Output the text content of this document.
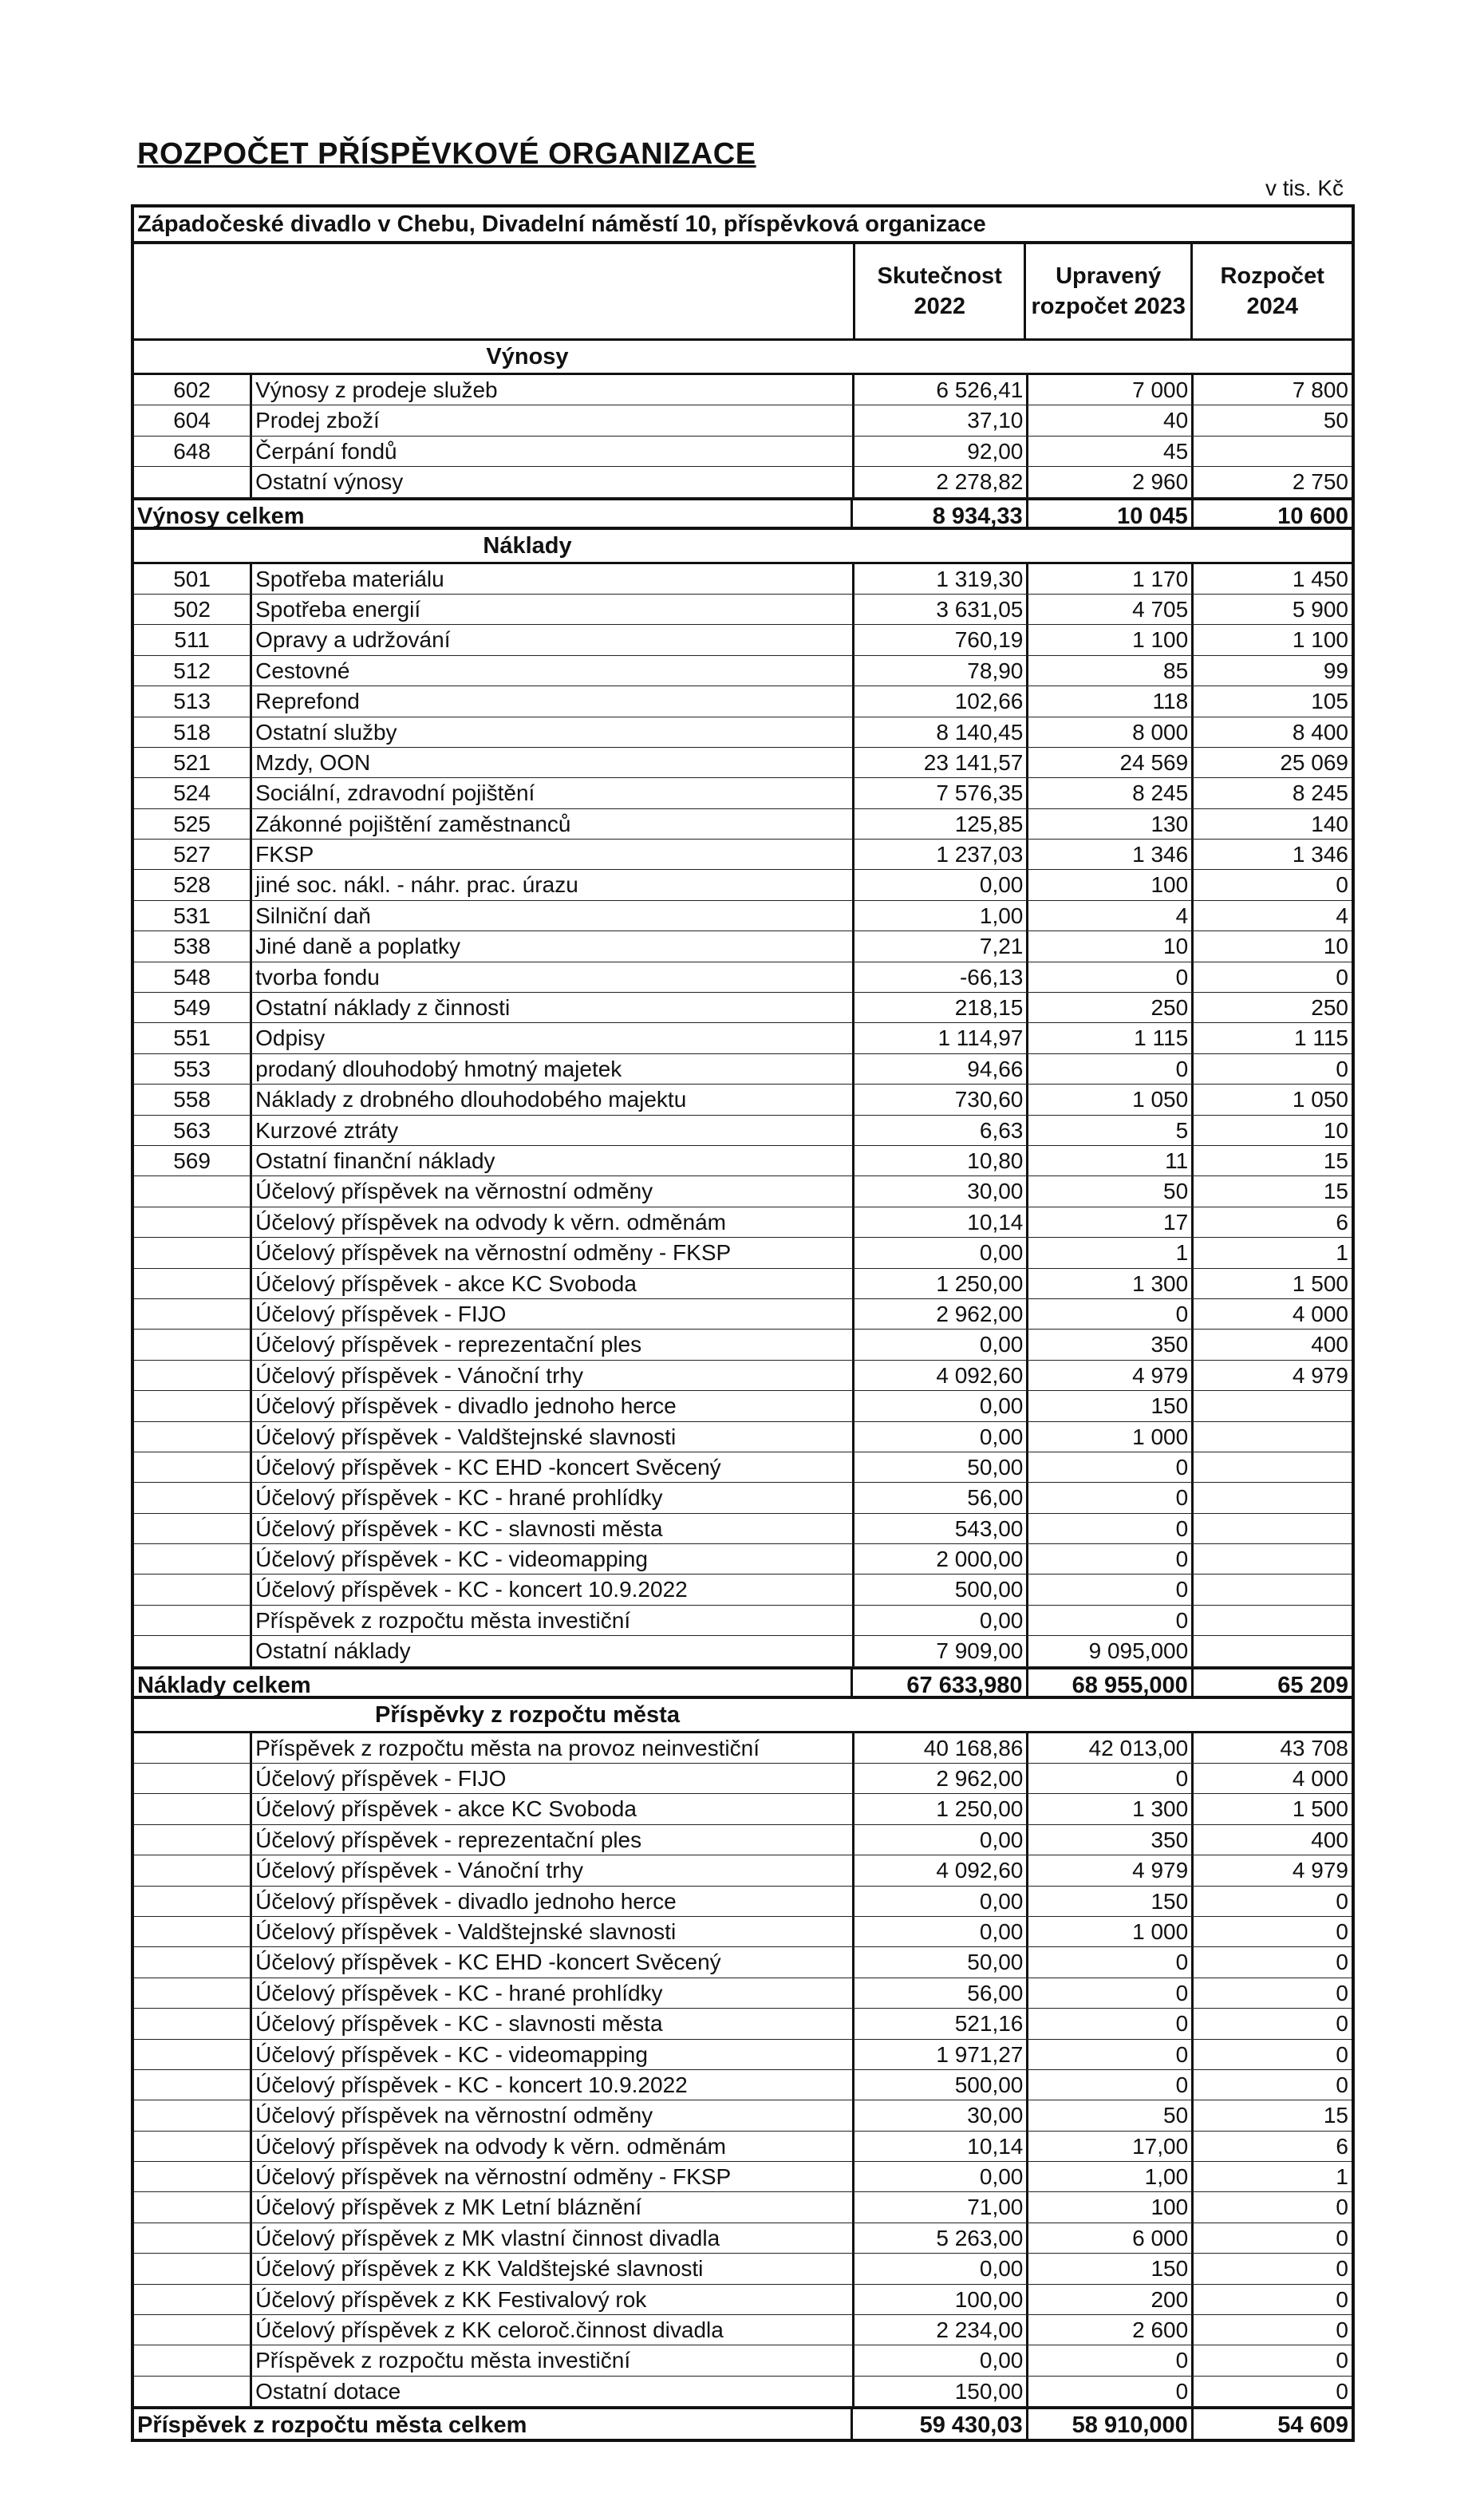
ROZPOČET PŘÍSPĚVKOVÉ ORGANIZACE
v tis. Kč
Západočeské divadlo v Chebu, Divadelní náměstí 10, příspěvková organizace
Skutečnost 2022
Upravený rozpočet 2023
Rozpočet 2024
Výnosy
602	Výnosy z prodeje služeb	6 526,41	7 000	7 800
604	Prodej zboží	37,10	40	50
648	Čerpání fondů	92,00	45
Ostatní výnosy	2 278,82	2 960	2 750
Výnosy celkem	8 934,33	10 045	10 600
Náklady
501	Spotřeba materiálu	1 319,30	1 170	1 450
502	Spotřeba energií	3 631,05	4 705	5 900
511	Opravy a udržování	760,19	1 100	1 100
512	Cestovné	78,90	85	99
513	Reprefond	102,66	118	105
518	Ostatní služby	8 140,45	8 000	8 400
521	Mzdy, OON	23 141,57	24 569	25 069
524	Sociální, zdravodní pojištění	7 576,35	8 245	8 245
525	Zákonné pojištění zaměstnanců	125,85	130	140
527	FKSP	1 237,03	1 346	1 346
528	jiné soc. nákl. - náhr. prac. úrazu	0,00	100	0
531	Silniční daň	1,00	4	4
538	Jiné daně a poplatky	7,21	10	10
548	tvorba fondu	-66,13	0	0
549	Ostatní náklady z činnosti	218,15	250	250
551	Odpisy	1 114,97	1 115	1 115
553	prodaný dlouhodobý hmotný majetek	94,66	0	0
558	Náklady z drobného dlouhodobého majektu	730,60	1 050	1 050
563	Kurzové ztráty	6,63	5	10
569	Ostatní finanční náklady	10,80	11	15
Účelový příspěvek na věrnostní odměny	30,00	50	15
Účelový příspěvek na odvody k věrn. odměnám	10,14	17	6
Účelový příspěvek na věrnostní odměny - FKSP	0,00	1	1
Účelový příspěvek - akce KC Svoboda	1 250,00	1 300	1 500
Účelový příspěvek - FIJO	2 962,00	0	4 000
Účelový příspěvek - reprezentační ples	0,00	350	400
Účelový příspěvek - Vánoční trhy	4 092,60	4 979	4 979
Účelový příspěvek - divadlo jednoho herce	0,00	150
Účelový příspěvek - Valdštejnské slavnosti	0,00	1 000
Účelový příspěvek - KC EHD -koncert Svěcený	50,00	0
Účelový příspěvek - KC - hrané prohlídky	56,00	0
Účelový příspěvek - KC - slavnosti města	543,00	0
Účelový příspěvek - KC - videomapping	2 000,00	0
Účelový příspěvek - KC - koncert 10.9.2022	500,00	0
Příspěvek z rozpočtu města investiční	0,00	0
Ostatní náklady	7 909,00	9 095,000
Náklady celkem	67 633,980	68 955,000	65 209
Příspěvky z rozpočtu města
Příspěvek z rozpočtu města na provoz neinvestiční	40 168,86	42 013,00	43 708
Účelový příspěvek - FIJO	2 962,00	0	4 000
Účelový příspěvek - akce KC Svoboda	1 250,00	1 300	1 500
Účelový příspěvek - reprezentační ples	0,00	350	400
Účelový příspěvek - Vánoční trhy	4 092,60	4 979	4 979
Účelový příspěvek - divadlo jednoho herce	0,00	150	0
Účelový příspěvek - Valdštejnské slavnosti	0,00	1 000	0
Účelový příspěvek - KC EHD -koncert Svěcený	50,00	0	0
Účelový příspěvek - KC - hrané prohlídky	56,00	0	0
Účelový příspěvek - KC - slavnosti města	521,16	0	0
Účelový příspěvek - KC - videomapping	1 971,27	0	0
Účelový příspěvek - KC - koncert 10.9.2022	500,00	0	0
Účelový příspěvek na věrnostní odměny	30,00	50	15
Účelový příspěvek na odvody k věrn. odměnám	10,14	17,00	6
Účelový příspěvek na věrnostní odměny - FKSP	0,00	1,00	1
Účelový příspěvek z MK Letní bláznění	71,00	100	0
Účelový příspěvek z MK vlastní činnost divadla	5 263,00	6 000	0
Účelový příspěvek z KK Valdštejské slavnosti	0,00	150	0
Účelový příspěvek z KK Festivalový rok	100,00	200	0
Účelový příspěvek z KK celoroč.činnost divadla	2 234,00	2 600	0
Příspěvek z rozpočtu města investiční	0,00	0	0
Ostatní dotace	150,00	0	0
Příspěvek z rozpočtu města celkem	59 430,03	58 910,000	54 609
